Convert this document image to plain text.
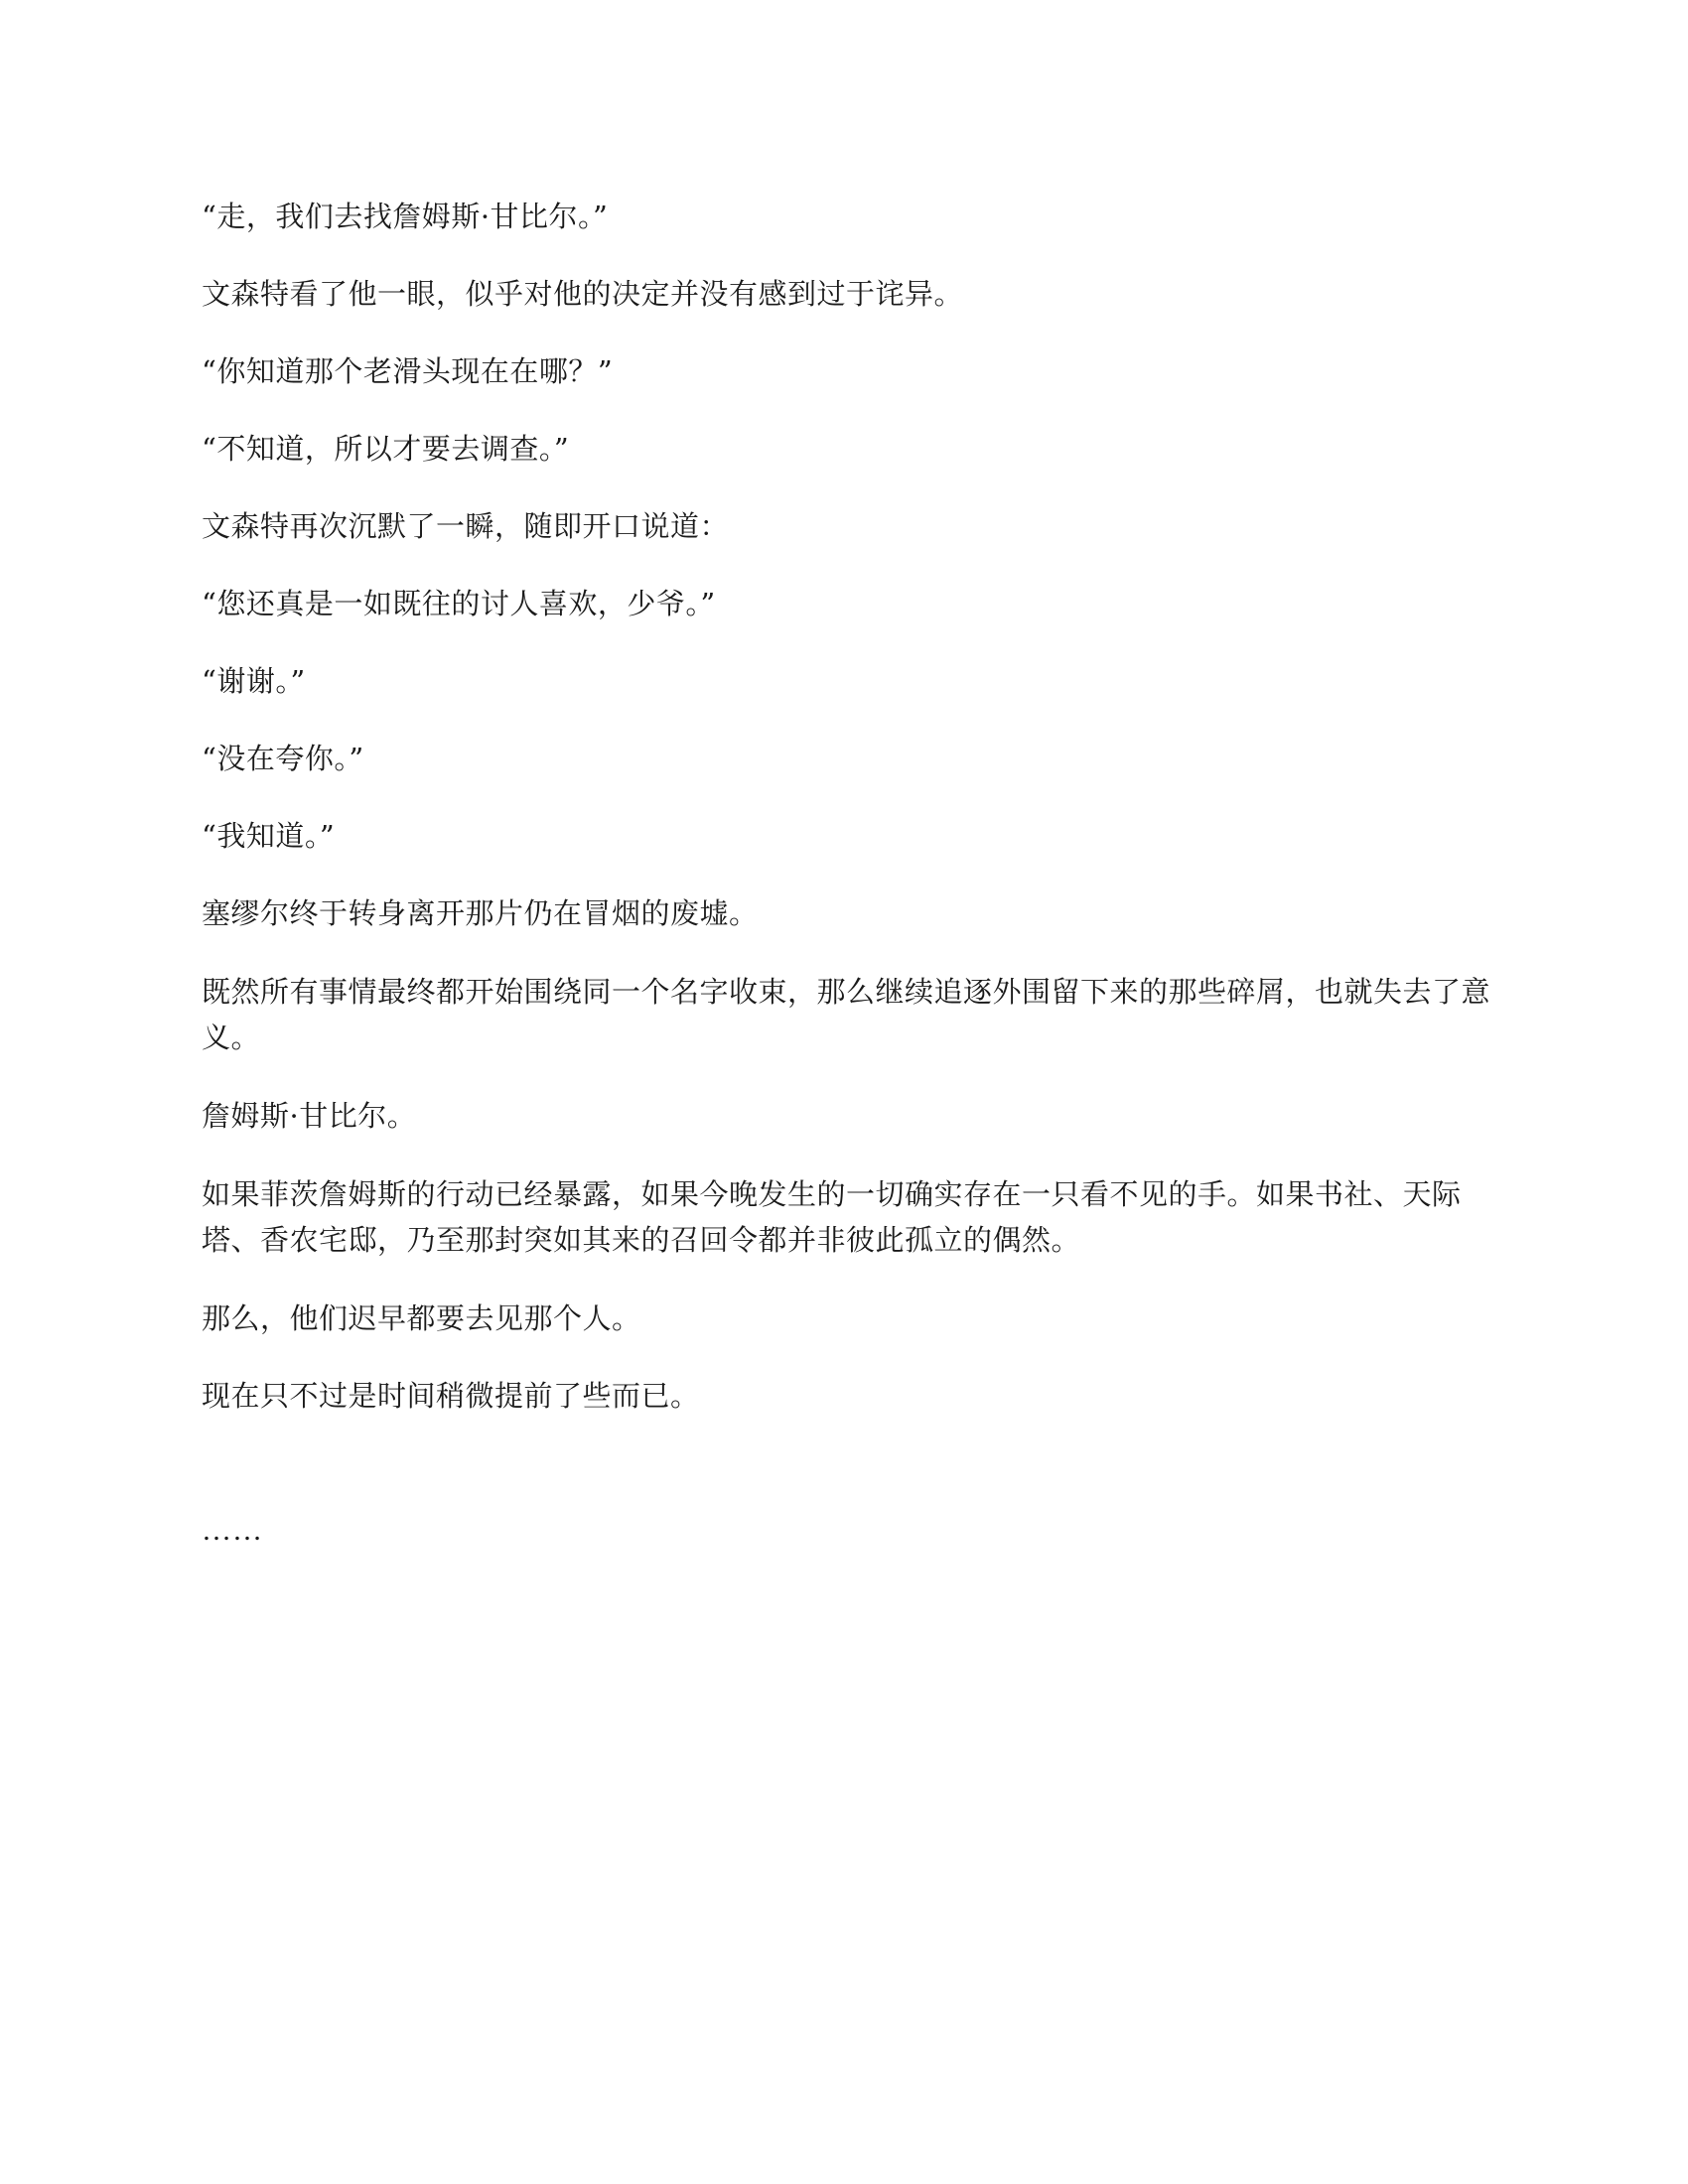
“走，我们去找詹姆斯·甘比尔。”

文森特看了他一眼，似乎对他的决定并没有感到过于诧异。

“你知道那个老滑头现在在哪？”

“不知道，所以才要去调查。”

文森特再次沉默了一瞬，随即开口说道：

“您还真是一如既往的讨人喜欢，少爷。”

“谢谢。”

“没在夸你。”

“我知道。”

塞缪尔终于转身离开那片仍在冒烟的废墟。

既然所有事情最终都开始围绕同一个名字收束，那么继续追逐外围留下来的那些碎屑，也就失去了意义。

詹姆斯·甘比尔。

如果菲茨詹姆斯的行动已经暴露，如果今晚发生的一切确实存在一只看不见的手。如果书社、天际塔、香农宅邸，乃至那封突如其来的召回令都并非彼此孤立的偶然。

那么，他们迟早都要去见那个人。

现在只不过是时间稍微提前了些而已。

……
